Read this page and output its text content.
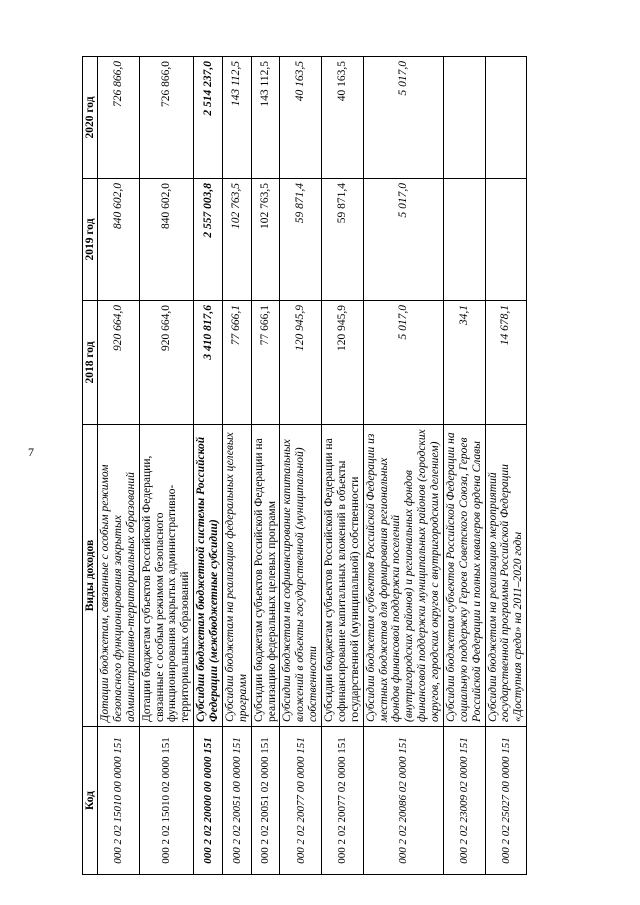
7
Код	Виды доходов	2018 год	2019 год	2020 год
000 2 02 15010 00 0000 151	Дотации бюджетам, связанные с особым режимом безопасного функционирования закрытых административно-территориальных образований	920 664,0	840 602,0	726 866,0
000 2 02 15010 02 0000 151	Дотации бюджетам субъектов Российской Федерации, связанные с особым режимом безопасного функционирования закрытых административно-территориальных образований	920 664,0	840 602,0	726 866,0
000 2 02 20000 00 0000 151	Субсидии бюджетам бюджетной системы Российской Федерации (межбюджетные субсидии)	3 410 817,6	2 557 003,8	2 514 237,0
000 2 02 20051 00 0000 151	Субсидии бюджетам на реализацию федеральных целевых программ	77 666,1	102 763,5	143 112,5
000 2 02 20051 02 0000 151	Субсидии бюджетам субъектов Российской Федерации на реализацию федеральных целевых программ	77 666,1	102 763,5	143 112,5
000 2 02 20077 00 0000 151	Субсидии бюджетам на софинансирование капитальных вложений в объекты государственной (муниципальной) собственности	120 945,9	59 871,4	40 163,5
000 2 02 20077 02 0000 151	Субсидии бюджетам субъектов Российской Федерации на софинансирование капитальных вложений в объекты государственной (муниципальной) собственности	120 945,9	59 871,4	40 163,5
000 2 02 20086 02 0000 151	Субсидии бюджетам субъектов Российской Федерации из местных бюджетов для формирования региональных фондов финансовой поддержки поселений (внутригородских районов) и региональных фондов финансовой поддержки муниципальных районов (городских округов, городских округов с внутригородским делением)	5 017,0	5 017,0	5 017,0
000 2 02 23009 02 0000 151	Субсидии бюджетам субъектов Российской Федерации на социальную поддержку Героев Советского Союза, Героев Российской Федерации и полных кавалеров ордена Славы	34,1		
000 2 02 25027 00 0000 151	Субсидии бюджетам на реализацию мероприятий государственной программы Российской Федерации «Доступная среда» на 2011–2020 годы	14 678,1		
